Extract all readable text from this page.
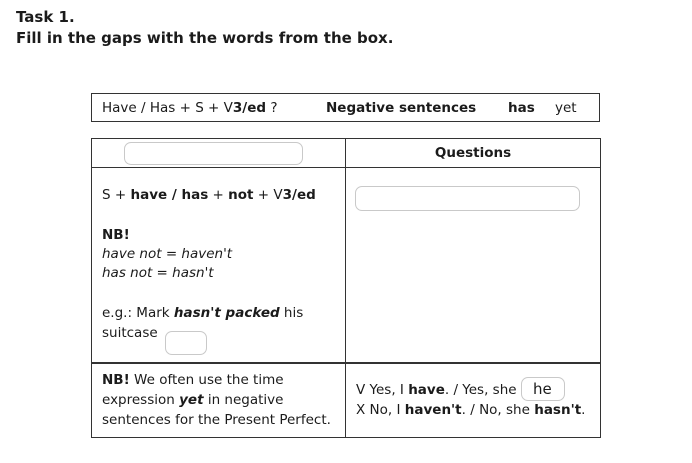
Task 1.
Fill in the gaps with the words from the box.
Have / Has + S + V3/ed ?	Negative sentences has yet
Questions
S + have / has + not + V3/ed
NB!
have not = haven't
has not = hasn't
e.g.: Mark hasn't packed his
suitcase
NB! We often use the time expression yet in negative sentences for the Present Perfect.
V Yes, I have. / Yes, she	he
X No, I haven't. / No, she hasn't.
